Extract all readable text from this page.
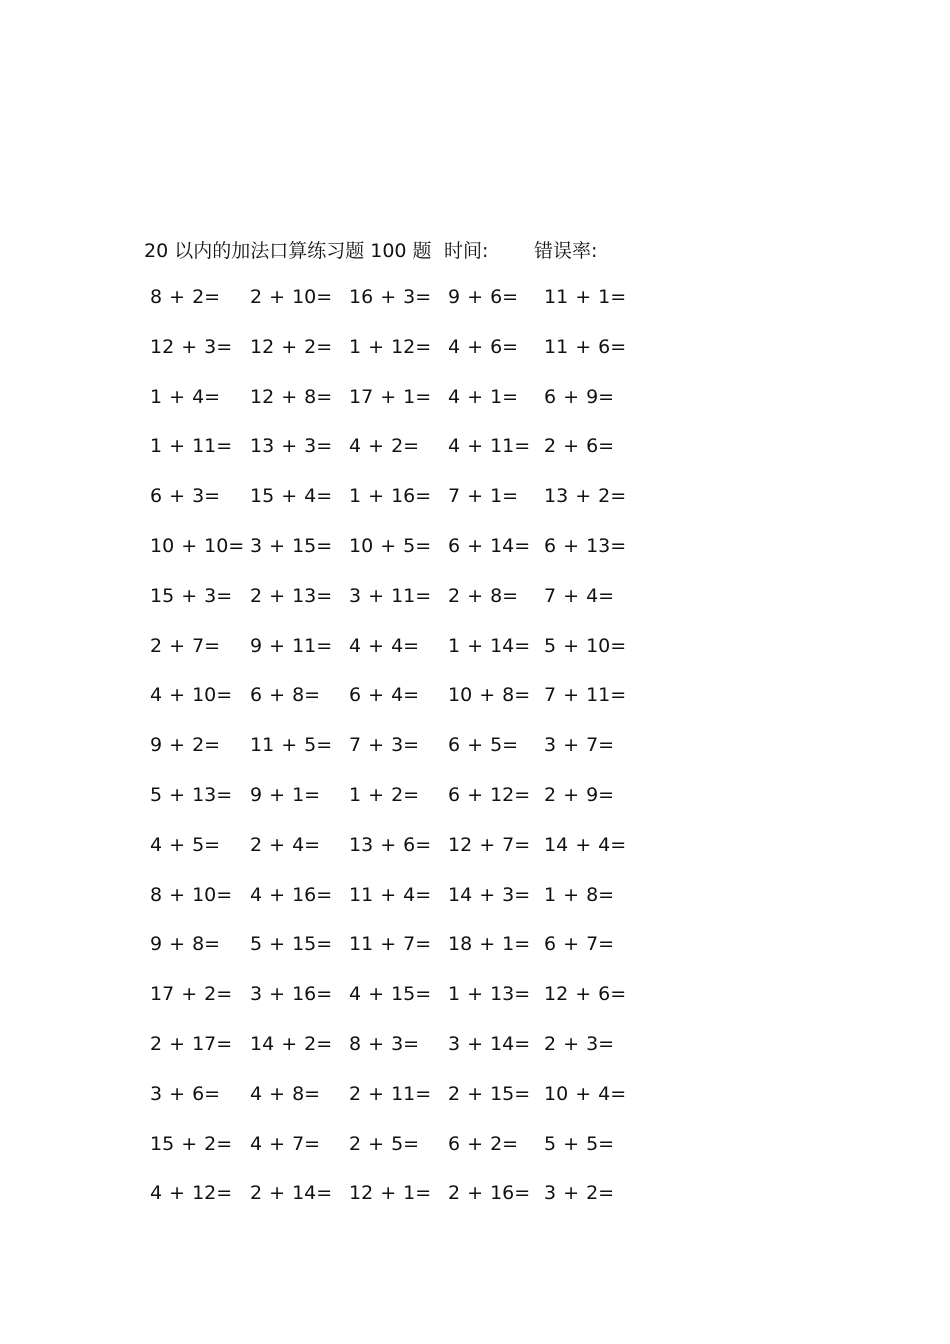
20 以内的加法口算练习题 100 题 时间: 错误率:
8 + 2= 2 + 10= 16 + 3= 9 + 6= 11 + 1=
12 + 3= 12 + 2= 1 + 12= 4 + 6= 11 + 6=
1 + 4= 12 + 8= 17 + 1= 4 + 1= 6 + 9=
1 + 11= 13 + 3= 4 + 2= 4 + 11= 2 + 6=
6 + 3= 15 + 4= 1 + 16= 7 + 1= 13 + 2=
10 + 10= 3 + 15= 10 + 5= 6 + 14= 6 + 13=
15 + 3= 2 + 13= 3 + 11= 2 + 8= 7 + 4=
2 + 7= 9 + 11= 4 + 4= 1 + 14= 5 + 10=
4 + 10= 6 + 8= 6 + 4= 10 + 8= 7 + 11=
9 + 2= 11 + 5= 7 + 3= 6 + 5= 3 + 7=
5 + 13= 9 + 1= 1 + 2= 6 + 12= 2 + 9=
4 + 5= 2 + 4= 13 + 6= 12 + 7= 14 + 4=
8 + 10= 4 + 16= 11 + 4= 14 + 3= 1 + 8=
9 + 8= 5 + 15= 11 + 7= 18 + 1= 6 + 7=
17 + 2= 3 + 16= 4 + 15= 1 + 13= 12 + 6=
2 + 17= 14 + 2= 8 + 3= 3 + 14= 2 + 3=
3 + 6= 4 + 8= 2 + 11= 2 + 15= 10 + 4=
15 + 2= 4 + 7= 2 + 5= 6 + 2= 5 + 5=
4 + 12= 2 + 14= 12 + 1= 2 + 16= 3 + 2=
